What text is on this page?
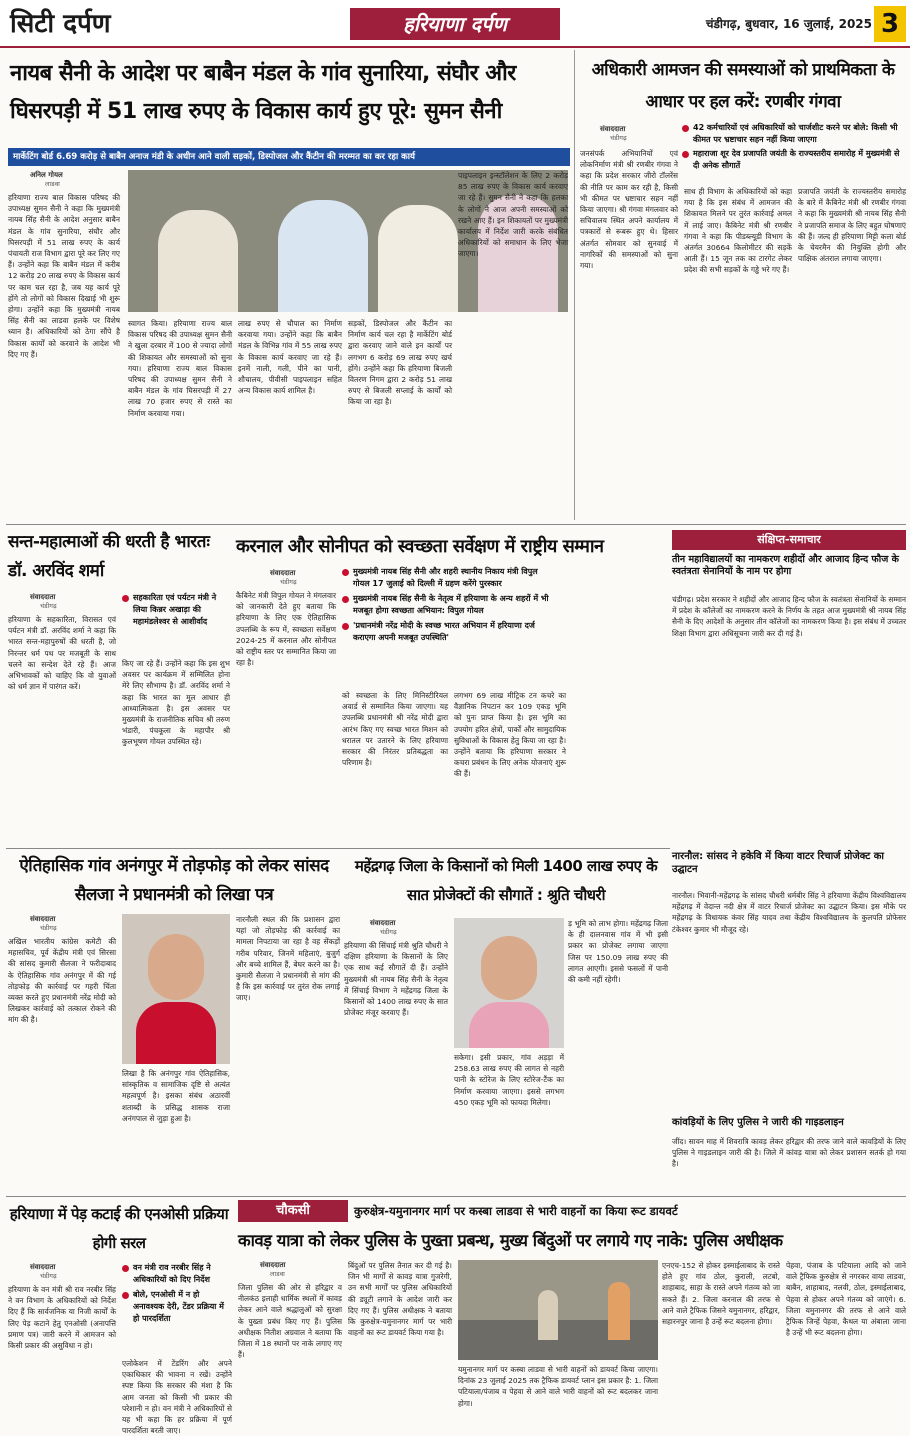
सिटी दर्पण	हरियाणा दर्पण	चंडीगढ़, बुधवार, 16 जुलाई, 2025 3
नायब सैनी के आदेश पर बाबैन मंडल के गांव सुनारिया, संघौर और
घिसरपड़ी में 51 लाख रुपए के विकास कार्य हुए पूरे: सुमन सैनी
मार्केटिंग बोर्ड 6.69 करोड़ से बाबैन अनाज मंडी के अधीन आने वाली सड़कों, डिस्पोजल और कैंटीन की मरम्मत का कर रहा कार्य
अनिल गोयल
लाडवा
हरियाणा राज्य बाल विकास परिषद की उपाध्यक्ष सुमन सैनी ने कहा कि मुख्यमंत्री नायब सिंह सैनी के आदेश अनुसार बाबैन मंडल के गांव सुनारिया, संघौर और घिसरपड़ी में 51 लाख रुपए के कार्य पंचायती राज विभाग द्वारा पूरे कर लिए गए हैं। उन्होंने कहा कि बाबैन मंडल में करीब 12 करोड़ 20 लाख रुपए के विकास कार्य पर काम चल रहा है, जब यह कार्य पूरे होंगे तो लोगों को विकास दिखाई भी शुरू होगा। उन्होंने कहा कि मुख्यमंत्री नायब सिंह सैनी का लाडवा हलके पर विशेष ध्यान है। अधिकारियों को ठेगा सौंपे है विकास कार्यों को करवाने के आदेश भी दिए गए हैं।
स्वागत किया। हरियाणा राज्य बाल विकास परिषद की उपाध्यक्ष सुमन सैनी ने खुला दरबार में 100 से ज्यादा लोगों की शिकायत और समस्याओं को सुना गया। हरियाणा राज्य बाल विकास परिषद की उपाध्यक्ष सुमन सैनी ने बाबैन मंडल के गांव घिसरपड़ी में 27 लाख 70 हजार रुपए से रास्ते का निर्माण करवाया गया।
लाख रुपए से चौपाल का निर्माण करवाया गया। उन्होंने कहा कि बाबैन मंडल के विभिन्न गांव में 55 लाख रुपए के विकास कार्य करवाए जा रहे हैं। इनमें नाली, गली, पीने का पानी, शौचालय, पीवीसी पाइपलाइन सहित अन्य विकास कार्य शामिल है।
सड़कों, डिस्पोजल और कैंटीन का निर्माण कार्य चल रहा है मार्केटिंग बोर्ड द्वारा करवाए जाने वाले इन कार्यों पर लगभग 6 करोड़ 69 लाख रुपए खर्च होंगे। उन्होंने कहा कि हरियाणा बिजली वितरण निगम द्वारा 2 करोड़ 51 लाख रुपए से बिजली सप्लाई के कार्यों को किया जा रहा है।
पाइपलाइन इन्स्टॉलेशन के लिए 2 करोड़ 85 लाख रुपए के विकास कार्य करवाए जा रहे हैं। सुमन सैनी ने कहा कि हलका के लोगों ने आज अपनी समस्याओं को रखने आए हैं। इन शिकायतों पर मुख्यमंत्री कार्यालय में निर्देश जारी करके संबंधित अधिकारियों को समाधान के लिए भेजा जाएगा।
अधिकारी आमजन की समस्याओं को प्राथमिकता के आधार पर हल करें: रणबीर गंगवा
संवाददाता
चंडीगढ़
42 कर्मचारियों एवं अधिकारियों को चार्जशीट करने पर बोले: किसी भी कीमत पर भ्रष्टाचार सहन नहीं किया जाएगा
महाराजा शूर देव प्रजापति जयंती के राज्यस्तरीय समारोह में मुख्यमंत्री से दी अनेक सौगातें
जनसंपर्क अभियानियों एवं लोकनिर्माण मंत्री श्री रणबीर गंगवा ने कहा कि प्रदेश सरकार जीरो टॉलरेंस की नीति पर काम कर रही है, किसी भी कीमत पर भ्रष्टाचार सहन नहीं किया जाएगा। श्री गंगवा मंगलवार को सचिवालय स्थित अपने कार्यालय में पत्रकारों से रूबरू हुए थे। हिसार अंतर्गत सोमवार को सुनवाई में नागरिकों की समस्याओं को सुना गया।
साथ ही विभाग के अधिकारियों को कहा गया है कि इस संबंध में आमजन की शिकायत मिलने पर तुरंत कार्रवाई अमल में लाई जाए। कैबिनेट मंत्री श्री रणबीर गंगवा ने कहा कि पीडब्ल्यूडी विभाग के अंतर्गत 30664 किलोमीटर की सड़कें आती हैं। 15 जून तक का टारगेट लेकर प्रदेश की सभी सड़कों के गड्ढे भरे गए हैं।
प्रजापति जयंती के राज्यस्तरीय समारोह के बारे में कैबिनेट मंत्री श्री रणबीर गंगवा ने कहा कि मुख्यमंत्री श्री नायब सिंह सैनी ने प्रजापति समाज के लिए बहुत घोषणाएं की हैं। जल्द ही हरियाणा मिट्टी कला बोर्ड के चेयरमैन की नियुक्ति होगी और पाक्षिक अंतराल लगाया जाएगा।
सन्त-महात्माओं की धरती है भारतः डॉ. अरविंद शर्मा
संवाददाता
चंडीगढ़
हरियाणा के सहकारिता, विरासत एवं पर्यटन मंत्री डॉ. अरविंद शर्मा ने कहा कि भारत सन्त-महापुरुषों की धरती है, जो निरन्तर धर्म पथ पर मजबूती के साथ चलने का सन्देश देते रहे हैं। आज अभिभावकों को चाहिए कि वो युवाओं को धर्म ज्ञान में पारंगत करें।
सहकारिता एवं पर्यटन मंत्री ने लिया किन्नर अखाड़ा की महामंडलेश्वर से आशीर्वाद
किए जा रहे हैं। उन्होंने कहा कि इस शुभ अवसर पर कार्यक्रम में सम्मिलित होना मेरे लिए सौभाग्य है। डॉ. अरविंद शर्मा ने कहा कि भारत का मूल आधार ही आध्यात्मिकता है। इस अवसर पर मुख्यमंत्री के राजनीतिक सचिव श्री तरुण भंडारी, पंचकूला के महापौर श्री कुलभूषण गोयल उपस्थित रहे।
करनाल और सोनीपत को स्वच्छता सर्वेक्षण में राष्ट्रीय सम्मान
संवाददाता
चंडीगढ़
कैबिनेट मंत्री विपुल गोयल ने मंगलवार को जानकारी देते हुए बताया कि हरियाणा के लिए एक ऐतिहासिक उपलब्धि के रूप में, स्वच्छता सर्वेक्षण 2024-25 में करनाल और सोनीपत को राष्ट्रीय स्तर पर सम्मानित किया जा रहा है।
मुख्यमंत्री नायब सिंह सैनी और शहरी स्थानीय निकाय मंत्री विपुल गोयल 17 जुलाई को दिल्ली में ग्रहण करेंगे पुरस्कार
मुख्यमंत्री नायब सिंह सैनी के नेतृत्व में हरियाणा के अन्य शहरों में भी मजबूत होगा स्वच्छता अभियान: विपुल गोयल
'प्रधानमंत्री नरेंद्र मोदी के स्वच्छ भारत अभियान में हरियाणा दर्ज कराएगा अपनी मजबूत उपस्थिति'
को स्वच्छता के लिए मिनिस्टीरियल अवार्ड से सम्मानित किया जाएगा। यह उपलब्धि प्रधानमंत्री श्री नरेंद्र मोदी द्वारा आरंभ किए गए स्वच्छ भारत मिशन को धरातल पर उतारने के लिए हरियाणा सरकार की निरंतर प्रतिबद्धता का परिणाम है।
लगभग 69 लाख मीट्रिक टन कचरे का वैज्ञानिक निपटान कर 109 एकड़ भूमि को पुनः प्राप्त किया है। इस भूमि का उपयोग हरित क्षेत्रों, पार्कों और सामुदायिक सुविधाओं के विकास हेतु किया जा रहा है। उन्होंने बताया कि हरियाणा सरकार ने कचरा प्रबंधन के लिए अनेक योजनाएं शुरू की हैं।
संक्षिप्त-समाचार
तीन महाविद्यालयों का नामकरण शहीदों और आजाद हिन्द फौज के स्वतंत्रता सेनानियों के नाम पर होगा
चंडीगढ़। प्रदेश सरकार ने शहीदों और आजाद हिन्द फौज के स्वतंत्रता सेनानियों के सम्मान में प्रदेश के कॉलेजों का नामकरण करने के निर्णय के तहत आज मुख्यमंत्री श्री नायब सिंह सैनी के दिए आदेशों के अनुसार तीन कॉलेजों का नामकरण किया है। इस संबंध में उच्चतर शिक्षा विभाग द्वारा अधिसूचना जारी कर दी गई है।
ऐतिहासिक गांव अनंगपुर में तोड़फोड़ को लेकर सांसद सैलजा ने प्रधानमंत्री को लिखा पत्र
संवाददाता
चंडीगढ़
अखिल भारतीय कांग्रेस कमेटी की महासचिव, पूर्व केंद्रीय मंत्री एवं सिरसा की सांसद कुमारी सैलजा ने फरीदाबाद के ऐतिहासिक गांव अनंगपुर में की गई तोड़फोड़ की कार्रवाई पर गहरी चिंता व्यक्त करते हुए प्रधानमंत्री नरेंद्र मोदी को लिखकर कार्रवाई को तत्काल रोकने की मांग की है।
लिखा है कि अनंगपुर गांव ऐतिहासिक, सांस्कृतिक व सामाजिक दृष्टि से अत्यंत महत्वपूर्ण है। इसका संबंध अठारवीं शताब्दी के प्रसिद्ध शासक राजा अनंगपाल से जुड़ा हुआ है।
नारनौली स्थल की कि प्रशासन द्वारा यहां जो तोड़फोड़ की कार्रवाई का मामला निपटाया जा रहा है वह सेंकड़ों गरीब परिवार, जिनमें महिलाएं, बुजुर्ग और बच्चे शामिल हैं, बेघर करने का है। कुमारी सैलजा ने प्रधानमंत्री से मांग की है कि इस कार्रवाई पर तुरंत रोक लगाई जाए।
महेंद्रगढ़ जिला के किसानों को मिली 1400 लाख रुपए के सात प्रोजेक्टों की सौगातें : श्रुति चौधरी
संवाददाता
चंडीगढ़
हरियाणा की सिंचाई मंत्री श्रुति चौधरी ने दक्षिण हरियाणा के किसानों के लिए एक साथ कई सौगातें दी हैं। उन्होंने मुख्यमंत्री श्री नायब सिंह सैनी के नेतृत्व में सिंचाई विभाग ने महेंद्रगढ़ जिला के किसानों को 1400 लाख रुपए के सात प्रोजेक्ट मंजूर करवाए हैं।
सकेगा। इसी प्रकार, गांव अड़ड़ा में 258.63 लाख रुपए की लागत से नहरी पानी के स्टोरेज के लिए स्टोरेज-टैंक का निर्माण करवाया जाएगा। इससे लगभग 450 एकड़ भूमि को फायदा मिलेगा।
ड़ भूमि को लाभ होगा। महेंद्रगढ़ जिला के ही दालनवास गांव में भी इसी प्रकार का प्रोजेक्ट लगाया जाएगा जिस पर 150.09 लाख रुपए की लागत आएगी। इससे फसलों में पानी की कमी नहीं रहेगी।
नारनौल: सांसद ने हकेवि में किया वाटर रिचार्ज प्रोजेक्ट का उद्घाटन
नारनौल। भिवानी-महेंद्रगढ़ के सांसद चौधरी धर्मबीर सिंह ने हरियाणा केंद्रीय विश्वविद्यालय महेंद्रगढ़ में वेदान्त नदी क्षेत्र में वाटर रिचार्ज प्रोजेक्ट का उद्घाटन किया। इस मौके पर महेंद्रगढ़ के विधायक कंवर सिंह यादव तथा केंद्रीय विश्वविद्यालय के कुलपति प्रोफेसर टंकेश्वर कुमार भी मौजूद रहे।
कांवड़ियों के लिए पुलिस ने जारी की गाइडलाइन
जींद। सावन माह में शिवरात्रि कावड़ लेकर हरिद्वार की तरफ जाने वाले कावड़ियों के लिए पुलिस ने गाइडलाइन जारी की है। जिले में कांवड़ यात्रा को लेकर प्रशासन सतर्क हो गया है।
हरियाणा में पेड़ कटाई की एनओसी प्रक्रिया होगी सरल
संवाददाता
चंडीगढ़
हरियाणा के वन मंत्री श्री राव नरबीर सिंह ने वन विभाग के अधिकारियों को निर्देश दिए हैं कि सार्वजनिक या निजी कार्यों के लिए पेड़ कटाने हेतु एनओसी (अनापत्ति प्रमाण पत्र) जारी करने में आमजन को किसी प्रकार की असुविधा न हो।
वन मंत्री राव नरबीर सिंह ने अधिकारियों को दिए निर्देश
बोले, एनओसी में न हो अनावश्यक देरी, टेंडर प्रक्रिया में हो पारदर्शिता
एलोकेशन में टेंडरिंग और अपने एकाधिकार की भावना न रखें। उन्होंने स्पष्ट किया कि सरकार की मंशा है कि आम जनता को किसी भी प्रकार की परेशानी न हो। वन मंत्री ने अधिकारियों से यह भी कहा कि हर प्रक्रिया में पूर्ण पारदर्शिता बरती जाए।
चौकसी	कुरुक्षेत्र-यमुनानगर मार्ग पर कस्बा लाडवा से भारी वाहनों का किया रूट डायवर्ट
कावड़ यात्रा को लेकर पुलिस के पुख्ता प्रबन्ध, मुख्य बिंदुओं पर लगाये गए नाके: पुलिस अधीक्षक
संवाददाता
लाडवा
जिला पुलिस की ओर से हरिद्वार व नीलकंठ इलाही धार्मिक स्थलों में कावड़ लेकर आने वाले श्रद्धालुओं को सुरक्षा के पुख्ता प्रबंध किए गए हैं। पुलिस अधीक्षक नितीश अग्रवाल ने बताया कि जिला में 18 स्थानों पर नाके लगाए गए हैं।
बिंदुओं पर पुलिस तैनात कर दी गई है। जिन भी मार्गों से कावड़ यात्रा गुजरेगी, उन सभी मार्गों पर पुलिस अधिकारियों की ड्यूटी लगाने के आदेश जारी कर दिए गए हैं। पुलिस अधीक्षक ने बताया कि कुरुक्षेत्र-यमुनानगर मार्ग पर भारी वाहनों का रूट डायवर्ट किया गया है।
यमुनानगर मार्ग पर कस्बा लाडवा से भारी वाहनों को डायवर्ट किया जाएगा। दिनांक 23 जुलाई 2025 तक ट्रैफिक डायवर्ट प्लान इस प्रकार है: 1. जिला पटियाला/पंजाब व पेहवा से आने वाले भारी वाहनों को रूट बदलकर जाना होगा।
एनएच-152 से होकर इस्माईलाबाद के रास्ते होते हुए गांव ठोल, कुराली, लटबो, शाहाबाद, साहा के रास्ते अपने गंतव्य को जा सकते हैं। 2. जिला करनाल की तरफ से आने वाले ट्रैफिक जिसने यमुनानगर, हरिद्वार, सहारनपुर जाना है उन्हें रूट बदलना होगा।
पेहवा, पंजाब के पटियाला आदि को जाने वाले ट्रैफिक कुरुक्षेत्र से नगरकर वाया लाडवा, बाबैन, शाहाबाद, नलवी, ठोल, इस्माईलाबाद, पेहवा से होकर अपने गंतव्य को जाएंगे। 6. जिला यमुनानगर की तरफ से आने वाले ट्रैफिक जिन्हें पेहवा, कैथल या अंबाला जाना है उन्हें भी रूट बदलना होगा।
